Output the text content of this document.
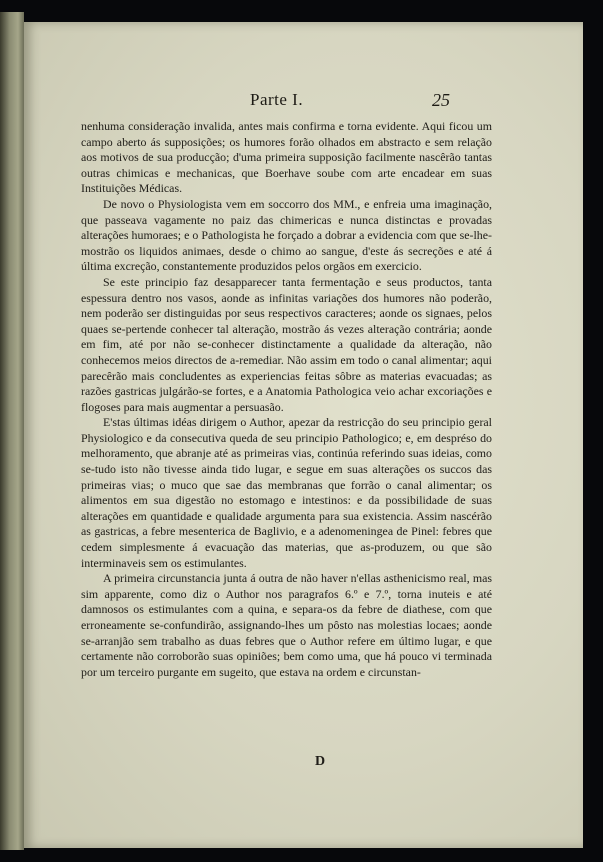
Parte I.	25

nenhuma consideração invalida, antes mais confirma e torna evidente. Aqui ficou um campo aberto ás supposições; os humores forão olhados em abstracto e sem relação aos motivos de sua producção; d'uma primeira supposição facilmente nascêrão tantas outras chimicas e mechanicas, que Boerhave soube com arte encadear em suas Instituições Médicas.

De novo o Physiologista vem em soccorro dos MM., e enfreia uma imaginação, que passeava vagamente no paiz das chimericas e nunca distinctas e provadas alterações humoraes; e o Pathologista he forçado a dobrar a evidencia com que se-lhe-mostrão os liquidos animaes, desde o chimo ao sangue, d'este ás secreções e até á última excreção, constantemente produzidos pelos orgãos em exercicio.

Se este principio faz desapparecer tanta fermentação e seus productos, tanta espessura dentro nos vasos, aonde as infinitas variações dos humores não poderão, nem poderão ser distinguidas por seus respectivos caracteres; aonde os signaes, pelos quaes se-pertende conhecer tal alteração, mostrão ás vezes alteração contrária; aonde em fim, até por não se-conhecer distinctamente a qualidade da alteração, não conhecemos meios directos de a-remediar. Não assim em todo o canal alimentar; aqui parecêrão mais concludentes as experiencias feitas sôbre as materias evacuadas; as razões gastricas julgárão-se fortes, e a Anatomia Pathologica veio achar excoriações e flogoses para mais augmentar a persuasão.

E'stas últimas idéas dirigem o Author, apezar da restricção do seu principio geral Physiologico e da consecutiva queda de seu principio Pathologico; e, em despréso do melhoramento, que abranje até as primeiras vias, continúa referindo suas ideias, como se-tudo isto não tivesse ainda tido lugar, e segue em suas alterações os succos das primeiras vias; o muco que sae das membranas que forrão o canal alimentar; os alimentos em sua digestão no estomago e intestinos: e da possibilidade de suas alterações em quantidade e qualidade argumenta para sua existencia. Assim nascérão as gastricas, a febre mesenterica de Baglivio, e a adenomeningea de Pinel: febres que cedem simplesmente á evacuação das materias, que as-produzem, ou que são interminaveis sem os estimulantes.

A primeira circunstancia junta á outra de não haver n'ellas asthenicismo real, mas sim apparente, como diz o Author nos paragrafos 6.º e 7.º, torna inuteis e até damnosos os estimulantes com a quina, e separa-os da febre de diathese, com que erroneamente se-confundirão, assignando-lhes um pôsto nas molestias locaes; aonde se-arranjão sem trabalho as duas febres que o Author refere em último lugar, e que certamente não corroborão suas opiniões; bem como uma, que há pouco vi terminada por um terceiro purgante em sugeito, que estava na ordem e circunstan-

D
